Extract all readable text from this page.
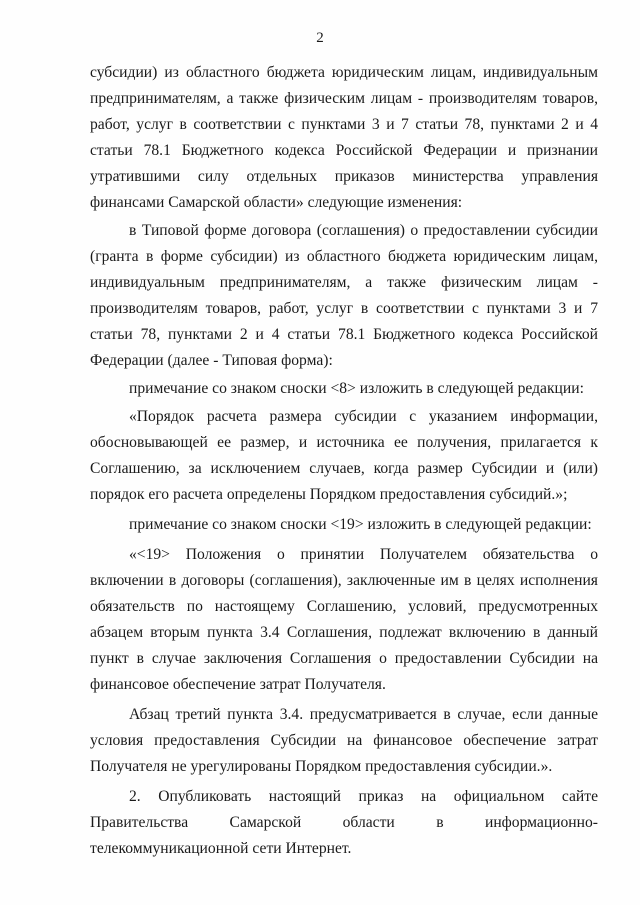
2

субсидии) из областного бюджета юридическим лицам, индивидуальным предпринимателям, а также физическим лицам - производителям товаров, работ, услуг в соответствии с пунктами 3 и 7 статьи 78, пунктами 2 и 4 статьи 78.1 Бюджетного кодекса Российской Федерации и признании утратившими силу отдельных приказов министерства управления финансами Самарской области» следующие изменения:

в Типовой форме договора (соглашения) о предоставлении субсидии (гранта в форме субсидии) из областного бюджета юридическим лицам, индивидуальным предпринимателям, а также физическим лицам - производителям товаров, работ, услуг в соответствии с пунктами 3 и 7 статьи 78, пунктами 2 и 4 статьи 78.1 Бюджетного кодекса Российской Федерации (далее - Типовая форма):

примечание со знаком сноски <8> изложить в следующей редакции:

«Порядок расчета размера субсидии с указанием информации, обосновывающей ее размер, и источника ее получения, прилагается к Соглашению, за исключением случаев, когда размер Субсидии и (или) порядок его расчета определены Порядком предоставления субсидий.»;

примечание со знаком сноски <19> изложить в следующей редакции:

«<19> Положения о принятии Получателем обязательства о включении в договоры (соглашения), заключенные им в целях исполнения обязательств по настоящему Соглашению, условий, предусмотренных абзацем вторым пункта 3.4 Соглашения, подлежат включению в данный пункт в случае заключения Соглашения о предоставлении Субсидии на финансовое обеспечение затрат Получателя.

Абзац третий пункта 3.4. предусматривается в случае, если данные условия предоставления Субсидии на финансовое обеспечение затрат Получателя не урегулированы Порядком предоставления субсидии.».

2. Опубликовать настоящий приказ на официальном сайте Правительства Самарской области в информационно-телекоммуникационной сети Интернет.
